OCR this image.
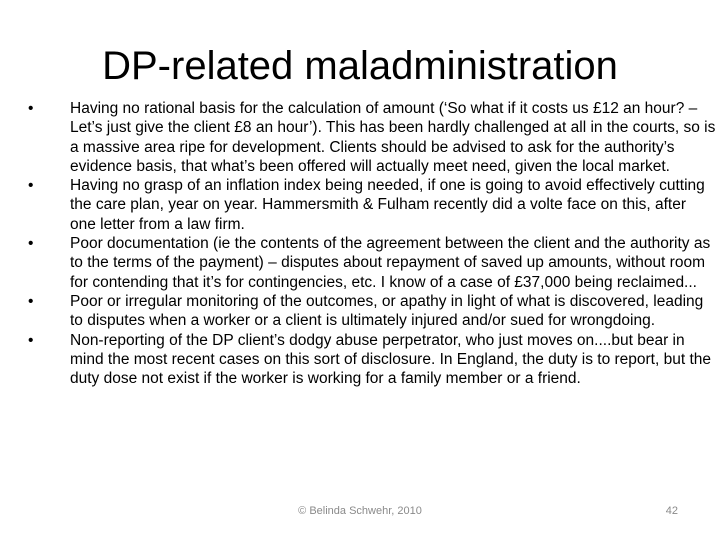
DP-related maladministration
•	Having no rational basis for the calculation of amount (‘So what if it costs us £12 an hour? – Let’s just give the client £8 an hour’). This has been hardly challenged at all in the courts, so is a massive area ripe for development. Clients should be advised to ask for the authority’s evidence basis, that what’s been offered will actually meet need, given the local market.
•	Having no grasp of an inflation index being needed, if one is going to avoid effectively cutting the care plan, year on year. Hammersmith & Fulham recently did a volte face on this, after one letter from a law firm.
•	Poor documentation (ie the contents of the agreement between the client and the authority as to the terms of the payment) – disputes about repayment of saved up amounts, without room for contending that it’s for contingencies, etc. I know of a case of £37,000 being reclaimed...
•	Poor or irregular monitoring of the outcomes, or apathy in light of what is discovered, leading to disputes when a worker or a client is ultimately injured and/or sued for wrongdoing.
•	Non-reporting of the DP client’s dodgy abuse perpetrator, who just moves on....but bear in mind the most recent cases on this sort of disclosure. In England, the duty is to report, but the duty dose not exist if the worker is working for a family member or a friend.
© Belinda Schwehr, 2010	42
